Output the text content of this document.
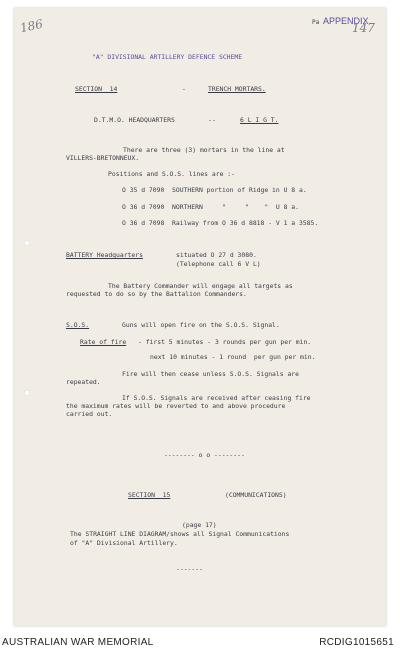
186	Pa APPENDIX.
147
"A" DIVISIONAL ARTILLERY DEFENCE SCHEME
SECTION  14	-	TRENCH MORTARS.
D.T.M.O. HEADQUARTERS	--	6 L I G T.
There are three (3) mortars in the line at
VILLERS-BRETONNEUX.
Positions and S.O.S. lines are :-
O 35 d 7090  SOUTHERN portion of Ridge in U 8 a.
O 36 d 7090  NORTHERN     "     "    "  U 8 a.
O 36 d 7098  Railway from O 36 d 8818 - V 1 a 3585.
BATTERY Headquarters	situated O 27 d 3080.
(Telephone call 6 V L)
The Battery Commander will engage all targets as
requested to do so by the Battalion Commanders.
S.O.S.	Guns will open fire on the S.O.S. Signal.
Rate of fire - first 5 minutes - 3 rounds per gun per min.
next 10 minutes - 1 round  per gun per min.
Fire will then cease unless S.O.S. Signals are
repeated.
If S.O.S. Signals are received after ceasing fire
the maximum rates will be reverted to and above procedure
carried out.
-------- o o --------
SECTION  15	(COMMUNICATIONS)
(page 17)
The STRAIGHT LINE DIAGRAM/shows all Signal Communications
of "A" Divisional Artillery.
-------
AUSTRALIAN WAR MEMORIAL	RCDIG1015651
